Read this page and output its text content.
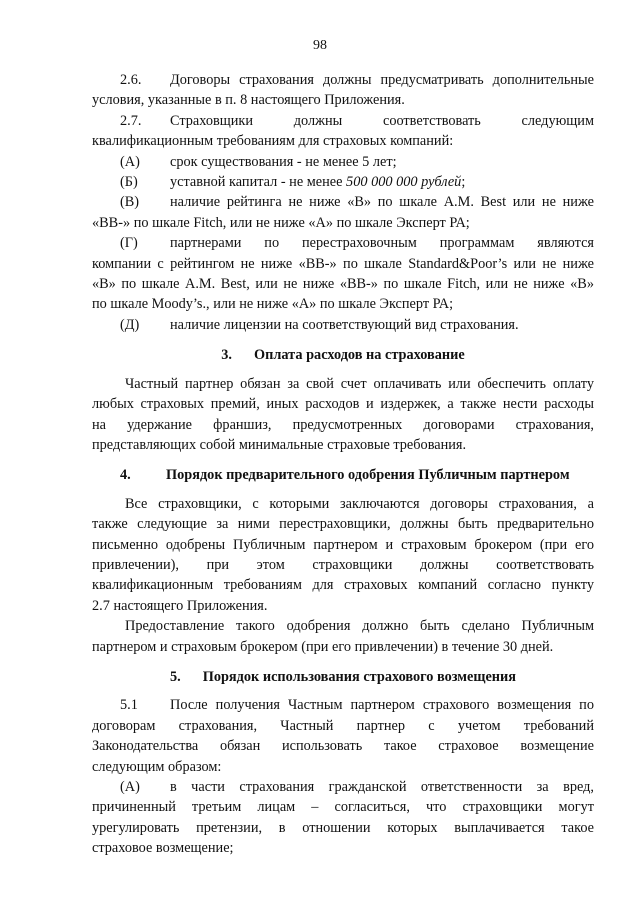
98

2.6. Договоры страхования должны предусматривать дополнительные

условия, указанные в п. 8 настоящего Приложения.

2.7.	Страховщики должны соответствовать следующим

квалификационным требованиям для страховых компаний:

(А)	срок существования - не менее 5 лет;
(Б)	уставной капитал - не менее 500 000 000 рублей;
(В)	наличие рейтинга не ниже «B» по шкале A.M. Best или не ниже

«BB-» по шкале Fitch, или не ниже «А» по шкале Эксперт РА;

(Г)	партнерами по перестраховочным программам являются

компании с рейтингом не ниже «BB-» по шкале Standard&Poor’s или не ниже

«B» по шкале A.M. Best, или не ниже «BB-» по шкале Fitch, или не ниже «B»

по шкале Moody’s., или не ниже «А» по шкале Эксперт РА;

(Д)	наличие лицензии на соответствующий вид страхования.
3. Оплата расходов на страхование

Частный партнер обязан за свой счет оплачивать или обеспечить оплату

любых страховых премий, иных расходов и издержек, а также нести расходы

на удержание франшиз, предусмотренных договорами страхования,

представляющих собой минимальные страховые требования.

4.	Порядок предварительного одобрения Публичным партнером

Все страховщики, с которыми заключаются договоры страхования, а

также следующие за ними перестраховщики, должны быть предварительно

письменно одобрены Публичным партнером и страховым брокером (при его

привлечении), при этом страховщики должны соответствовать

квалификационным требованиям для страховых компаний согласно пункту

2.7 настоящего Приложения.

Предоставление такого одобрения должно быть сделано Публичным

партнером и страховым брокером (при его привлечении) в течение 30 дней.

5. Порядок использования страхового возмещения

5.1	После получения Частным партнером страхового возмещения по

договорам страхования, Частный партнер с учетом требований

Законодательства обязан использовать такое страховое возмещение

следующим образом:

(А)	в части страхования гражданской ответственности за вред,

причиненный третьим лицам – согласиться, что страховщики могут

урегулировать претензии, в отношении которых выплачивается такое

страховое возмещение;
